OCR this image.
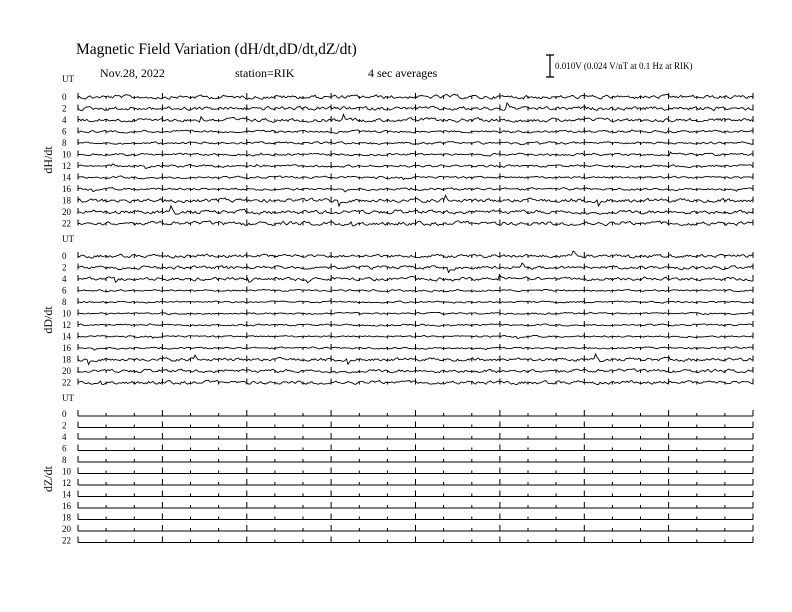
Magnetic Field Variation (dH/dt,dD/dt,dZ/dt)
Nov.28, 2022	station=RIK	4 sec averages	0.010V (0.024 V/nT at 0.1 Hz at RIK)
UT
UT
UT
dH/dt
dD/dt
dZ/dt
0
2
4
6
8
10
12
14
16
18
20
22
0
2
4
6
8
10
12
14
16
18
20
22
0
2
4
6
8
10
12
14
16
18
20
22
